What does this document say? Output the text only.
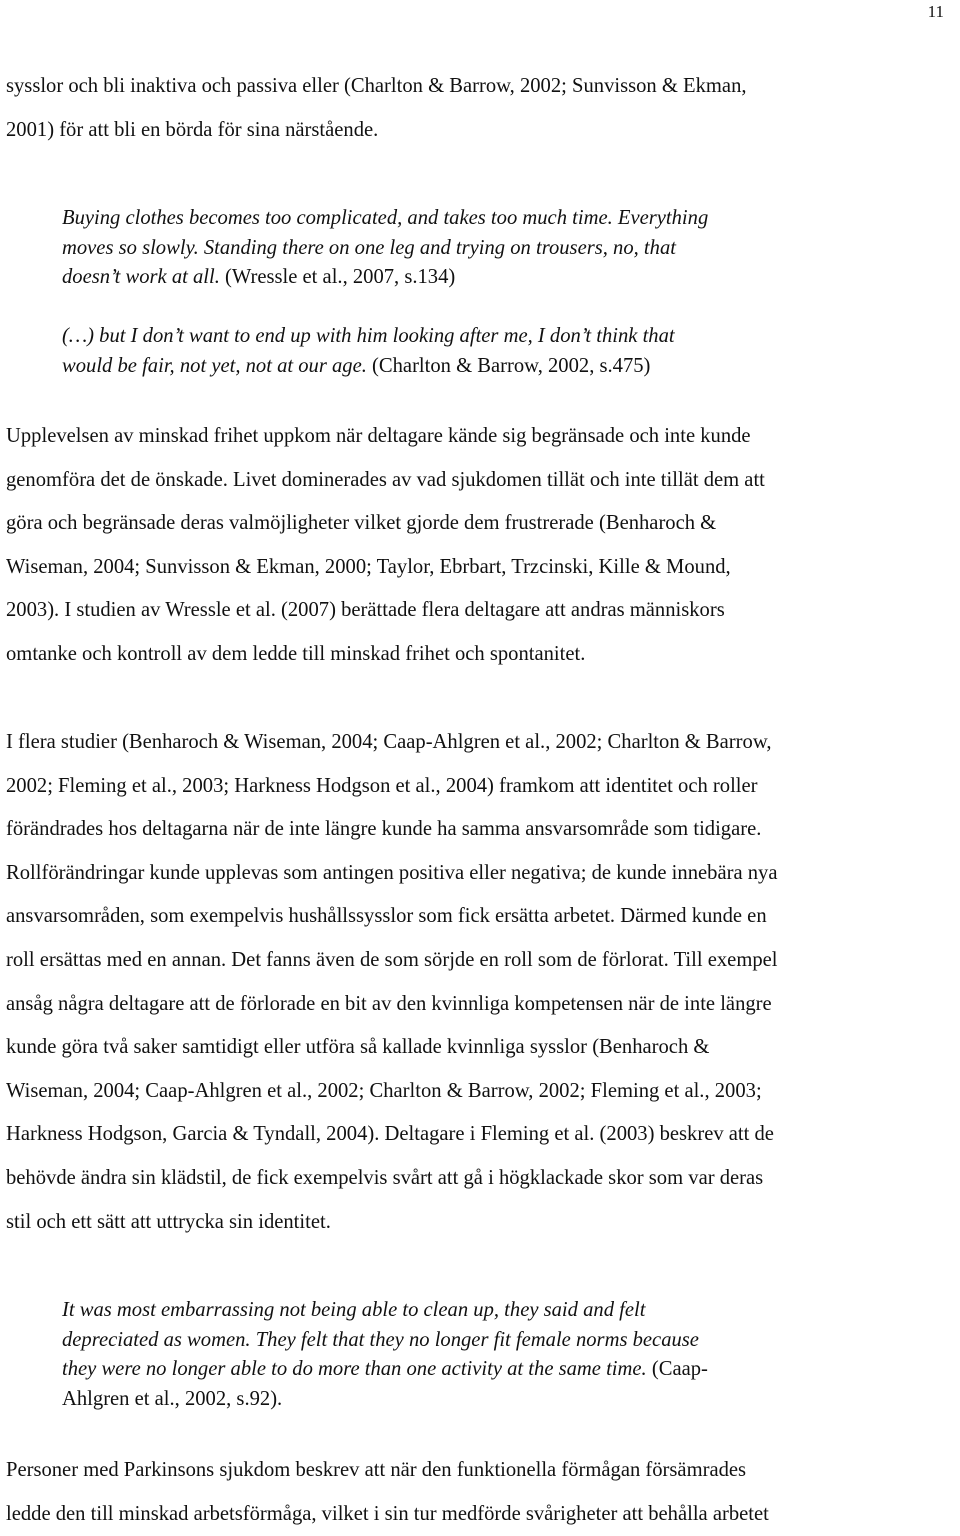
11
sysslor och bli inaktiva och passiva eller (Charlton & Barrow, 2002; Sunvisson & Ekman,
2001) för att bli en börda för sina närstående.
Buying clothes becomes too complicated, and takes too much time. Everything
moves so slowly. Standing there on one leg and trying on trousers, no, that
doesn’t work at all. (Wressle et al., 2007, s.134)
(…) but I don’t want to end up with him looking after me, I don’t think that
would be fair, not yet, not at our age. (Charlton & Barrow, 2002, s.475)
Upplevelsen av minskad frihet uppkom när deltagare kände sig begränsade och inte kunde
genomföra det de önskade. Livet dominerades av vad sjukdomen tillät och inte tillät dem att
göra och begränsade deras valmöjligheter vilket gjorde dem frustrerade (Benharoch &
Wiseman, 2004; Sunvisson & Ekman, 2000; Taylor, Ebrbart, Trzcinski, Kille & Mound,
2003). I studien av Wressle et al. (2007) berättade flera deltagare att andras människors
omtanke och kontroll av dem ledde till minskad frihet och spontanitet.
I flera studier (Benharoch & Wiseman, 2004; Caap-Ahlgren et al., 2002; Charlton & Barrow,
2002; Fleming et al., 2003; Harkness Hodgson et al., 2004) framkom att identitet och roller
förändrades hos deltagarna när de inte längre kunde ha samma ansvarsområde som tidigare.
Rollförändringar kunde upplevas som antingen positiva eller negativa; de kunde innebära nya
ansvarsområden, som exempelvis hushållssysslor som fick ersätta arbetet. Därmed kunde en
roll ersättas med en annan. Det fanns även de som sörjde en roll som de förlorat. Till exempel
ansåg några deltagare att de förlorade en bit av den kvinnliga kompetensen när de inte längre
kunde göra två saker samtidigt eller utföra så kallade kvinnliga sysslor (Benharoch &
Wiseman, 2004; Caap-Ahlgren et al., 2002; Charlton & Barrow, 2002; Fleming et al., 2003;
Harkness Hodgson, Garcia & Tyndall, 2004). Deltagare i Fleming et al. (2003) beskrev att de
behövde ändra sin klädstil, de fick exempelvis svårt att gå i högklackade skor som var deras
stil och ett sätt att uttrycka sin identitet.
It was most embarrassing not being able to clean up, they said and felt
depreciated as women. They felt that they no longer fit female norms because
they were no longer able to do more than one activity at the same time. (Caap-
Ahlgren et al., 2002, s.92).
Personer med Parkinsons sjukdom beskrev att när den funktionella förmågan försämrades
ledde den till minskad arbetsförmåga, vilket i sin tur medförde svårigheter att behålla arbetet
